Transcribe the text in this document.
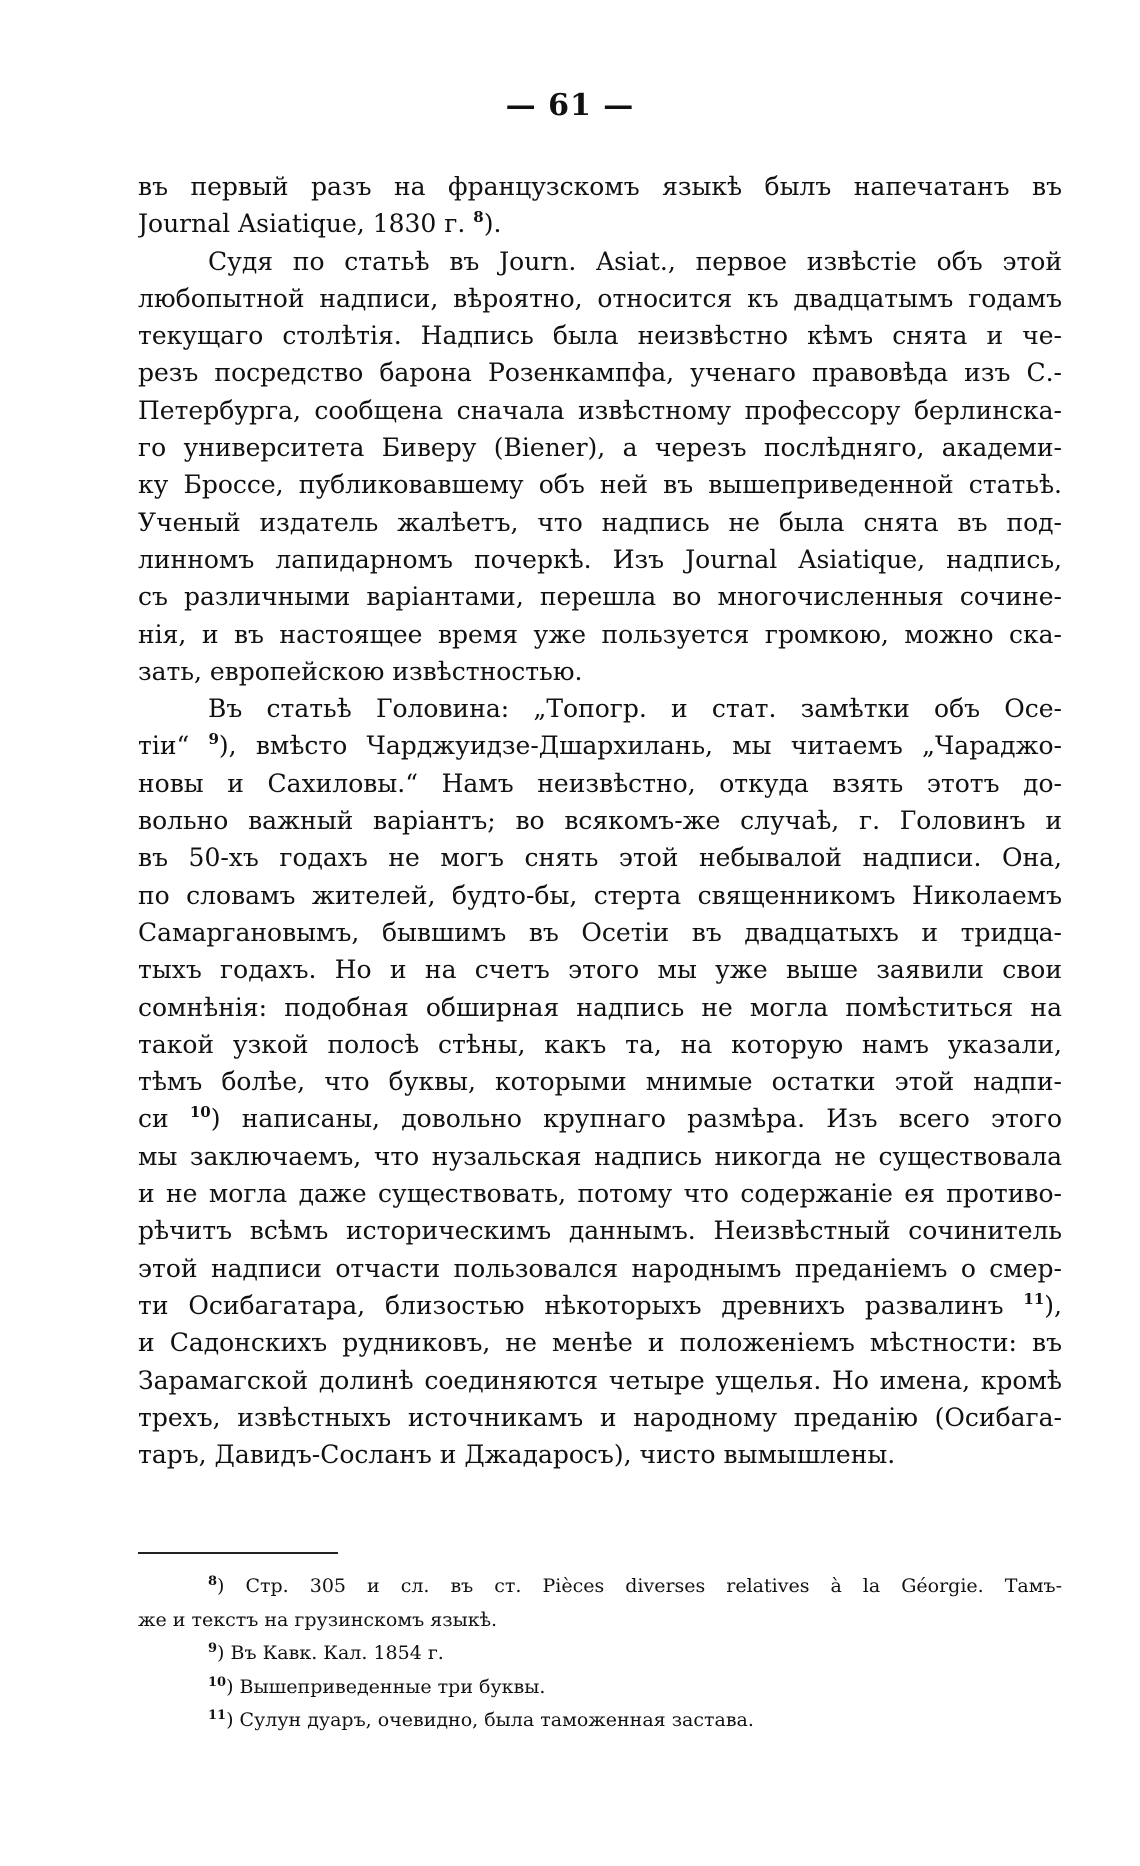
— 61 —
въ первый разъ на французскомъ языкѣ былъ напечатанъ въ
Journal Asiatique, 1830 г. $^8$).
Судя по статьѣ въ Journ. Asiat., первое извѣстіе объ этой
любопытной надписи, вѣроятно, относится къ двадцатымъ годамъ
текущаго столѣтія. Надпись была неизвѣстно кѣмъ снята и че-
резъ посредство барона Розенкампфа, ученаго правовѣда изъ С.-
Петербурга, сообщена сначала извѣстному профессору берлинска-
го университета Биверу (Biener), а черезъ послѣдняго, академи-
ку Броссе, публиковавшему объ ней въ вышеприведенной статьѣ.
Ученый издатель жалѣетъ, что надпись не была снята въ под-
линномъ лапидарномъ почеркѣ. Изъ Journal Asiatique, надпись,
съ различными варіантами, перешла во многочисленныя сочине-
нія, и въ настоящее время уже пользуется громкою, можно ска-
зать, европейскою извѣстностью.
Въ статьѣ Головина: „Топогр. и стат. замѣтки объ Осе-
тіи“ $^9$), вмѣсто Чарджуидзе-Дшархилань, мы читаемъ „Чараджо-
новы и Сахиловы.“ Намъ неизвѣстно, откуда взять этотъ до-
вольно важный варіантъ; во всякомъ-же случаѣ, г. Головинъ и
въ 50-хъ годахъ не могъ снять этой небывалой надписи. Она,
по словамъ жителей, будто-бы, стерта священникомъ Николаемъ
Самаргановымъ, бывшимъ въ Осетіи въ двадцатыхъ и тридца-
тыхъ годахъ. Но и на счетъ этого мы уже выше заявили свои
сомнѣнія: подобная обширная надпись не могла помѣститься на
такой узкой полосѣ стѣны, какъ та, на которую намъ указали,
тѣмъ болѣе, что буквы, которыми мнимые остатки этой надпи-
си $^{10}$) написаны, довольно крупнаго размѣра. Изъ всего этого
мы заключаемъ, что нузальская надпись никогда не существовала
и не могла даже существовать, потому что содержаніе ея противо-
рѣчитъ всѣмъ историческимъ даннымъ. Неизвѣстный сочинитель
этой надписи отчасти пользовался народнымъ преданіемъ о смер-
ти Осибагатара, близостью нѣкоторыхъ древнихъ развалинъ $^{11}$),
и Садонскихъ рудниковъ, не менѣе и положеніемъ мѣстности: въ
Зарамагской долинѣ соединяются четыре ущелья. Но имена, кромѣ
трехъ, извѣстныхъ источникамъ и народному преданію (Осибага-
таръ, Давидъ-Сосланъ и Джадаросъ), чисто вымышлены.
$^8$) Стр. 305 и сл. въ ст. Pièces diverses relatives à la Géorgie. Тамъ-
же и текстъ на грузинскомъ языкѣ.
$^9$) Въ Кавк. Кал. 1854 г.
$^{10}$) Вышеприведенные три буквы.
$^{11}$) Сулун дуаръ, очевидно, была таможенная застава.
